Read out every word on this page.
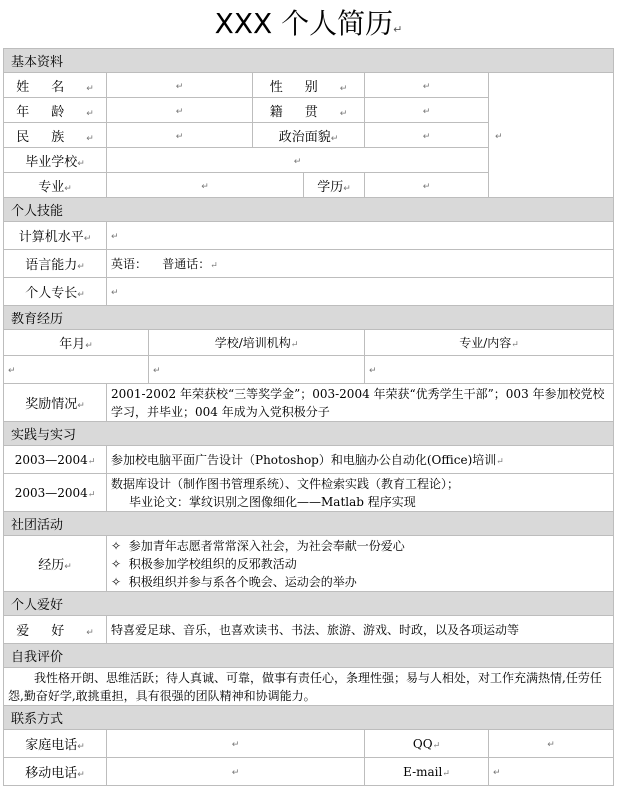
XXX 个人简历↵
基本资料						
姓名↵	↵		性别↵		↵	↵
年龄↵	↵		籍贯↵		↵	
民族↵	↵		政治面貌↵		↵	
毕业学校↵	↵					
专业↵	↵			学历↵	↵	
个人技能						
计算机水平↵	↵					
语言能力↵	英语：    普通话：↵					
个人专长↵	↵					
教育经历						
年月↵		学校/培训机构↵			专业/内容↵	
↵		↵			↵	
奖励情况↵	2001-2002 年荣获校“三等奖学金”；003-2004 年荣获“优秀学生干部”；003 年参加校党校学习，并毕业；004 年成为入党积极分子					
实践与实习						
2003—2004↵	参加校电脑平面广告设计（Photoshop）和电脑办公自动化(Office)培训↵					
2003—2004↵	数据库设计（制作图书管理系统）、文件检索实践（教育工程论）；
毕业论文：掌纹识别之图像细化——Matlab 程序实现					

社团活动						
经历↵	✧ 参加青年志愿者常常深入社会，为社会奉献一份爱心
✧ 积极参加学校组织的反邪教活动
✧ 积极组织并参与系各个晚会、运动会的举办					

个人爱好						
爱好↵	特喜爱足球、音乐，也喜欢读书、书法、旅游、游戏、时政，以及各项运动等					
自我评价						
我性格开朗、思维活跃；待人真诚、可靠，做事有责任心，条理性强；易与人相处，对工作充满热情,任劳任怨,勤奋好学,敢挑重担，具有很强的团队精神和协调能力。						
联系方式						
家庭电话↵	↵				QQ↵	↵
移动电话↵	↵				E-mail↵	↵
